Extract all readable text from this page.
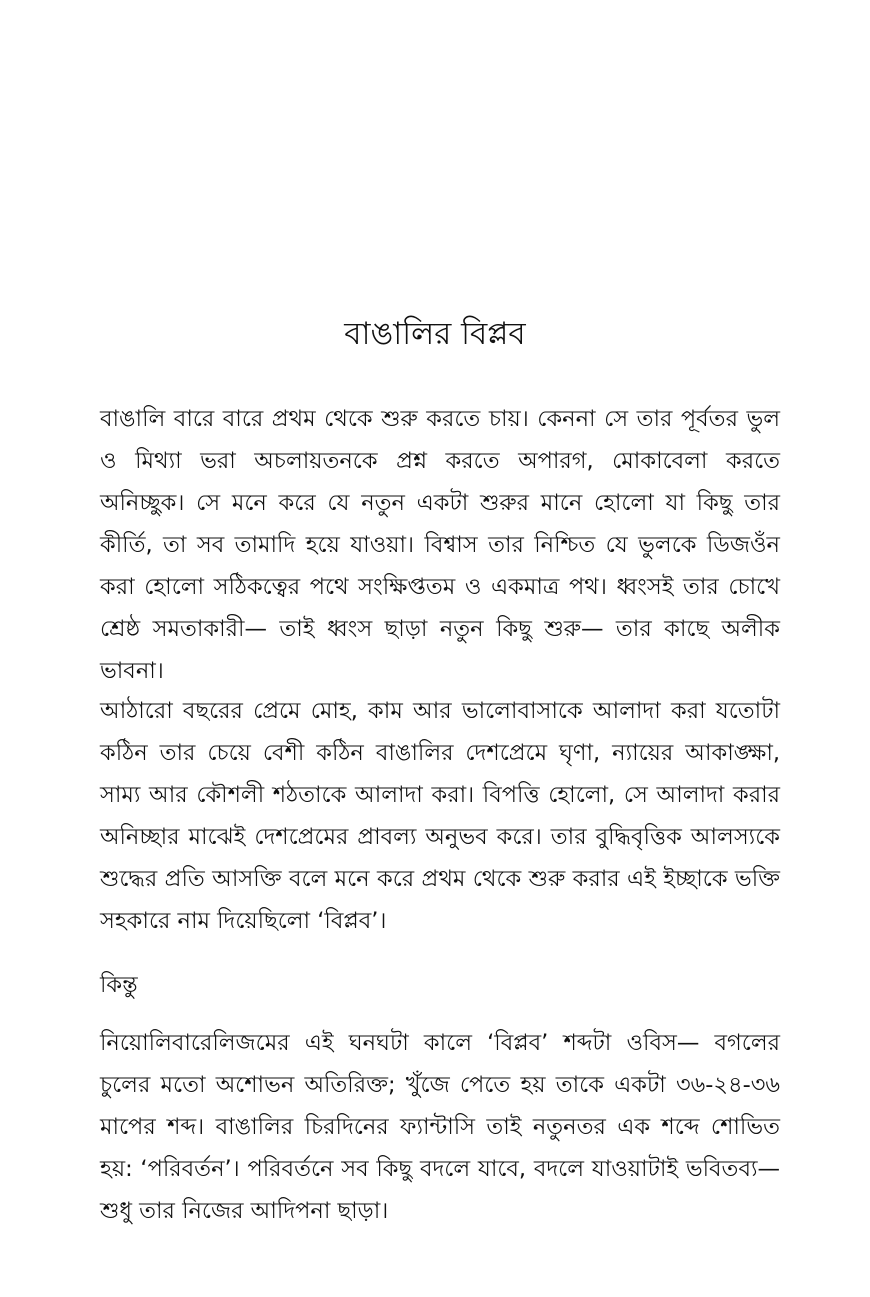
বাঙালির বিপ্লব

বাঙালি বারে বারে প্রথম থেকে শুরু করতে চায়। কেননা সে তার পূর্বতর ভুল ও মিথ্যা ভরা অচলায়তনকে প্রশ্ন করতে অপারগ, মোকাবেলা করতে অনিচ্ছুক। সে মনে করে যে নতুন একটা শুরুর মানে হোলো যা কিছু তার কীর্তি, তা সব তামাদি হয়ে যাওয়া। বিশ্বাস তার নিশ্চিত যে ভুলকে ডিজওঁন করা হোলো সঠিকত্বের পথে সংক্ষিপ্ততম ও একমাত্র পথ। ধ্বংসই তার চোখে শ্রেষ্ঠ সমতাকারী— তাই ধ্বংস ছাড়া নতুন কিছু শুরু— তার কাছে অলীক ভাবনা।

আঠারো বছরের প্রেমে মোহ, কাম আর ভালোবাসাকে আলাদা করা যতোটা কঠিন তার চেয়ে বেশী কঠিন বাঙালির দেশপ্রেমে ঘৃণা, ন্যায়ের আকাঙ্ক্ষা, সাম্য আর কৌশলী শঠতাকে আলাদা করা। বিপত্তি হোলো, সে আলাদা করার অনিচ্ছার মাঝেই দেশপ্রেমের প্রাবল্য অনুভব করে। তার বুদ্ধিবৃত্তিক আলস্যকে শুদ্ধের প্রতি আসক্তি বলে মনে করে প্রথম থেকে শুরু করার এই ইচ্ছাকে ভক্তি সহকারে নাম দিয়েছিলো ‘বিপ্লব’।

কিন্তু

নিয়োলিবারেলিজমের এই ঘনঘটা কালে ‘বিপ্লব’ শব্দটা ওবিস— বগলের চুলের মতো অশোভন অতিরিক্ত; খুঁজে পেতে হয় তাকে একটা ৩৬-২৪-৩৬ মাপের শব্দ। বাঙালির চিরদিনের ফ্যান্টাসি তাই নতুনতর এক শব্দে শোভিত হয়: ‘পরিবর্তন’। পরিবর্তনে সব কিছু বদলে যাবে, বদলে যাওয়াটাই ভবিতব্য— শুধু তার নিজের আদিপনা ছাড়া।
